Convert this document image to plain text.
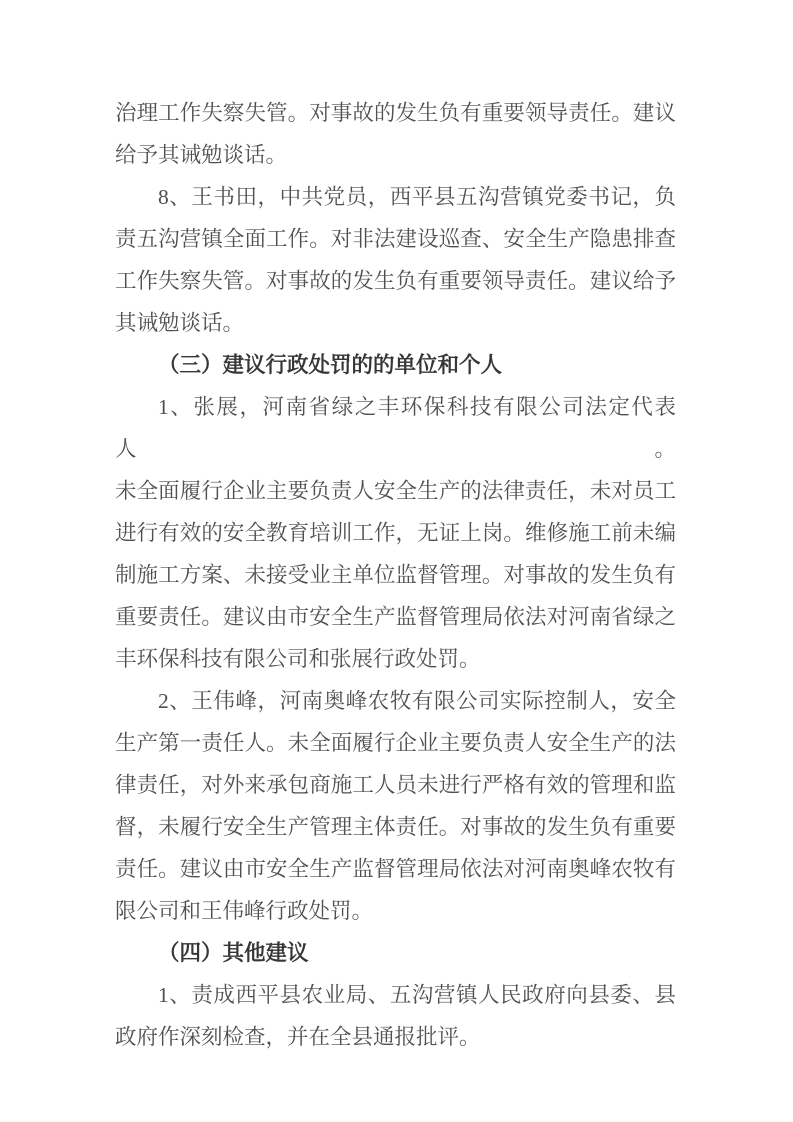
治理工作失察失管。对事故的发生负有重要领导责任。建议
给予其诫勉谈话。
8、王书田，中共党员，西平县五沟营镇党委书记，负
责五沟营镇全面工作。对非法建设巡查、安全生产隐患排查
工作失察失管。对事故的发生负有重要领导责任。建议给予
其诫勉谈话。
（三）建议行政处罚的的单位和个人
1、张展，河南省绿之丰环保科技有限公司法定代表人。
未全面履行企业主要负责人安全生产的法律责任，未对员工
进行有效的安全教育培训工作，无证上岗。维修施工前未编
制施工方案、未接受业主单位监督管理。对事故的发生负有
重要责任。建议由市安全生产监督管理局依法对河南省绿之
丰环保科技有限公司和张展行政处罚。
2、王伟峰，河南奥峰农牧有限公司实际控制人，安全
生产第一责任人。未全面履行企业主要负责人安全生产的法
律责任，对外来承包商施工人员未进行严格有效的管理和监
督，未履行安全生产管理主体责任。对事故的发生负有重要
责任。建议由市安全生产监督管理局依法对河南奥峰农牧有
限公司和王伟峰行政处罚。
（四）其他建议
1、责成西平县农业局、五沟营镇人民政府向县委、县
政府作深刻检查，并在全县通报批评。
